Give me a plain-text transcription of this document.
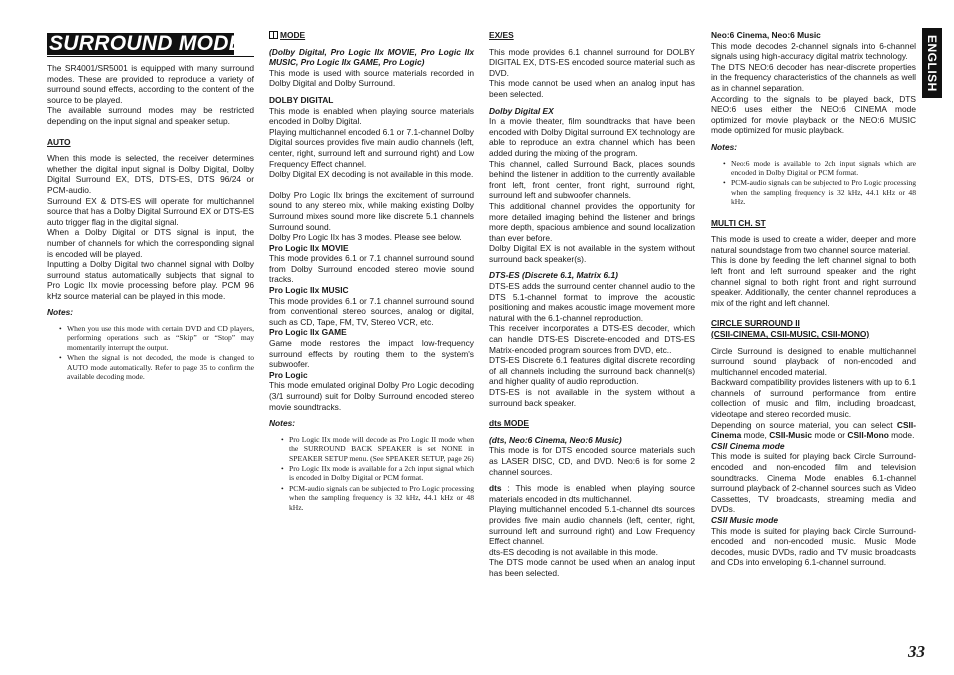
SURROUND MODE

The SR4001/SR5001 is equipped with many surround modes. These are provided to reproduce a variety of surround sound effects, according to the content of the source to be played.

The available surround modes may be restricted depending on the input signal and speaker setup.

AUTO

When this mode is selected, the receiver determines whether the digital input signal is Dolby Digital, Dolby Digital Surround EX, DTS, DTS-ES, DTS 96/24 or PCM-audio.

Surround EX & DTS-ES will operate for multichannel source that has a Dolby Digital Surround EX or DTS-ES auto trigger flag in the digital signal.

When a Dolby Digital or DTS signal is input, the number of channels for which the corresponding signal is encoded will be played.

Inputting a Dolby Digital two channel signal with Dolby surround status automatically subjects that signal to Pro Logic IIx movie processing before play. PCM 96 kHz source material can be played in this mode.

Notes:

• When you use this mode with certain DVD and CD players, performing operations such as “Skip” or “Stop” may momentarily interrupt the output.
• When the signal is not decoded, the mode is changed to AUTO mode automatically. Refer to page 35 to confirm the available decoding mode.

MODE

(Dolby Digital, Pro Logic IIx MOVIE, Pro Logic IIx MUSIC, Pro Logic IIx GAME, Pro Logic)

This mode is used with source materials recorded in Dolby Digital and Dolby Surround.

DOLBY DIGITAL

This mode is enabled when playing source materials encoded in Dolby Digital.

Playing multichannel encoded 6.1 or 7.1-channel Dolby Digital sources provides five main audio channels (left, center, right, surround left and surround right) and Low Frequency Effect channel.

Dolby Digital EX decoding is not available in this mode.

Dolby Pro Logic IIx brings the excitement of surround sound to any stereo mix, while making existing Dolby Surround mixes sound more like discrete 5.1 channels Surround sound.

Dolby Pro Logic IIx has 3 modes. Please see below.

Pro Logic IIx MOVIE

This mode provides 6.1 or 7.1 channel surround sound from Dolby Surround encoded stereo movie sound tracks.

Pro Logic IIx MUSIC

This mode provides 6.1 or 7.1 channel surround sound from conventional stereo sources, analog or digital, such as CD, Tape, FM, TV, Stereo VCR, etc.

Pro Logic IIx GAME

Game mode restores the impact low-frequency surround effects by routing them to the system's subwoofer.

Pro Logic

This mode emulated original Dolby Pro Logic decoding (3/1 surround) suit for Dolby Surround encoded stereo movie soundtracks.

Notes:

• Pro Logic IIx mode will decode as Pro Logic II mode when the SURROUND BACK SPEAKER is set NONE in SPEAKER SETUP menu. (See SPEAKER SETUP, page 26)
• Pro Logic IIx mode is available for a 2ch input signal which is encoded in Dolby Digital or PCM format.
• PCM-audio signals can be subjected to Pro Logic processing when the sampling frequency is 32 kHz, 44.1 kHz or 48 kHz.

EX/ES

This mode provides 6.1 channel surround for DOLBY DIGITAL EX, DTS-ES encoded source material such as DVD.

This mode cannot be used when an analog input has been selected.

Dolby Digital EX

In a movie theater, film soundtracks that have been encoded with Dolby Digital surround EX technology are able to reproduce an extra channel which has been added during the mixing of the program.

This channel, called Surround Back, places sounds behind the listener in addition to the currently available front left, front center, front right, surround right, surround left and subwoofer channels.

This additional channel provides the opportunity for more detailed imaging behind the listener and brings more depth, spacious ambience and sound localization than ever before.

Dolby Digital EX is not available in the system without surround back speaker(s).

DTS-ES (Discrete 6.1, Matrix 6.1)

DTS-ES adds the surround center channel audio to the DTS 5.1-channel format to improve the acoustic positioning and makes acoustic image movement more natural with the 6.1-channel reproduction.

This receiver incorporates a DTS-ES decoder, which can handle DTS-ES Discrete-encoded and DTS-ES Matrix-encoded program sources from DVD, etc..

DTS-ES Discrete 6.1 features digital discrete recording of all channels including the surround back channel(s) and higher quality of audio reproduction.

DTS-ES is not available in the system without a surround back speaker.

dts MODE

(dts, Neo:6 Cinema, Neo:6 Music)

This mode is for DTS encoded source materials such as LASER DISC, CD, and DVD. Neo:6 is for some 2 channel sources.

dts : This mode is enabled when playing source materials encoded in dts multichannel.

Playing multichannel encoded 5.1-channel dts sources provides five main audio channels (left, center, right, surround left and surround right) and Low Frequency Effect channel.

dts-ES decoding is not available in this mode.

The DTS mode cannot be used when an analog input has been selected.

Neo:6 Cinema, Neo:6 Music

This mode decodes 2-channel signals into 6-channel signals using high-accuracy digital matrix technology.

The DTS NEO:6 decoder has near-discrete properties in the frequency characteristics of the channels as well as in channel separation.

According to the signals to be played back, DTS NEO:6 uses either the NEO:6 CINEMA mode optimized for movie playback or the NEO:6 MUSIC mode optimized for music playback.

Notes:

• Neo:6 mode is available to 2ch input signals which are encoded in Dolby Digital or PCM format.
• PCM-audio signals can be subjected to Pro Logic processing when the sampling frequency is 32 kHz, 44.1 kHz or 48 kHz.

MULTI CH. ST

This mode is used to create a wider, deeper and more natural soundstage from two channel source material.

This is done by feeding the left channel signal to both left front and left surround speaker and the right channel signal to both right front and right surround speaker. Additionally, the center channel reproduces a mix of the right and left channel.

CIRCLE SURROUND II

(CSII-CINEMA, CSII-MUSIC, CSII-MONO)

Circle Surround is designed to enable multichannel surround sound playback of non-encoded and multichannel encoded material.

Backward compatibility provides listeners with up to 6.1 channels of surround performance from entire collection of music and film, including broadcast, videotape and stereo recorded music.

Depending on source material, you can select CSII-Cinema mode, CSII-Music mode or CSII-Mono mode.

CSII Cinema mode

This mode is suited for playing back Circle Surround-encoded and non-encoded film and television soundtracks. Cinema Mode enables 6.1-channel surround playback of 2-channel sources such as Video Cassettes, TV broadcasts, streaming media and DVDs.

CSII Music mode

This mode is suited for playing back Circle Surround-encoded and non-encoded music. Music Mode decodes, music DVDs, radio and TV music broadcasts and CDs into enveloping 6.1-channel surround.

ENGLISH
33
